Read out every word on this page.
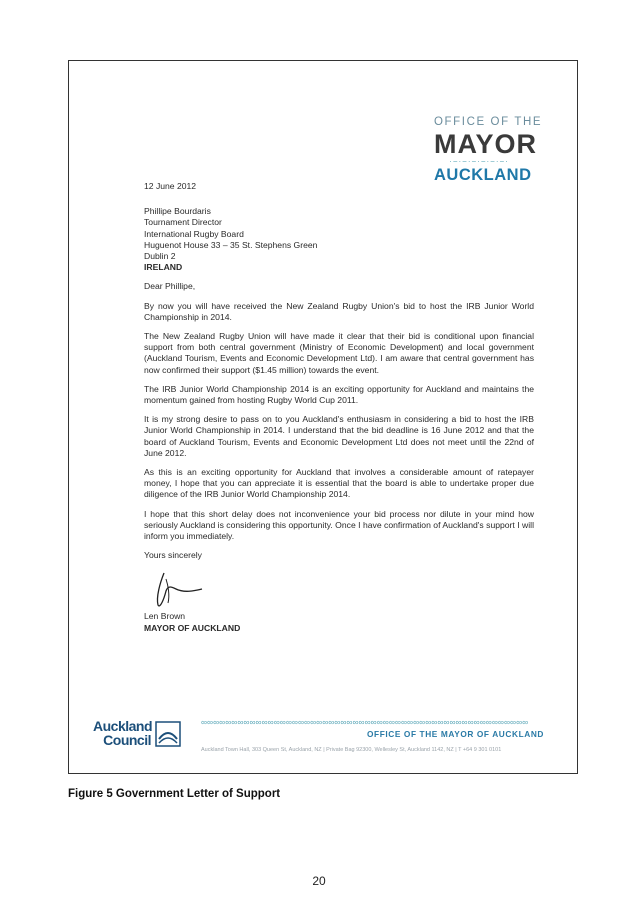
OFFICE OF THE
MAYOR
·−·−·−·−·−·−·
AUCKLAND
12 June 2012
Phillipe Bourdaris
Tournament Director
International Rugby Board
Huguenot House 33 – 35 St. Stephens Green
Dublin 2
IRELAND

Dear Phillipe,

By now you will have received the New Zealand Rugby Union's bid to host the IRB Junior World Championship in 2014.

The New Zealand Rugby Union will have made it clear that their bid is conditional upon financial support from both central government (Ministry of Economic Development) and local government (Auckland Tourism, Events and Economic Development Ltd). I am aware that central government has now confirmed their support ($1.45 million) towards the event.

The IRB Junior World Championship 2014 is an exciting opportunity for Auckland and maintains the momentum gained from hosting Rugby World Cup 2011.

It is my strong desire to pass on to you Auckland's enthusiasm in considering a bid to host the IRB Junior World Championship in 2014. I understand that the bid deadline is 16 June 2012 and that the board of Auckland Tourism, Events and Economic Development Ltd does not meet until the 22nd of June 2012.

As this is an exciting opportunity for Auckland that involves a considerable amount of ratepayer money, I hope that you can appreciate it is essential that the board is able to undertake proper due diligence of the IRB Junior World Championship 2014.

I hope that this short delay does not inconvenience your bid process nor dilute in your mind how seriously Auckland is considering this opportunity. Once I have confirmation of Auckland's support I will inform you immediately.

Yours sincerely

Len Brown
MAYOR OF AUCKLAND
Auckland
Council
∞∞∞∞∞∞∞∞∞∞∞∞∞∞∞∞∞∞∞∞∞∞∞∞∞∞∞∞∞∞∞∞∞∞∞∞∞∞∞∞∞∞∞∞∞∞∞∞∞∞∞∞∞∞
OFFICE OF THE MAYOR OF AUCKLAND
Auckland Town Hall, 303 Queen St, Auckland, NZ | Private Bag 92300, Wellesley St, Auckland 1142, NZ | T +64 9 301 0101
Figure 5 Government Letter of Support
20
